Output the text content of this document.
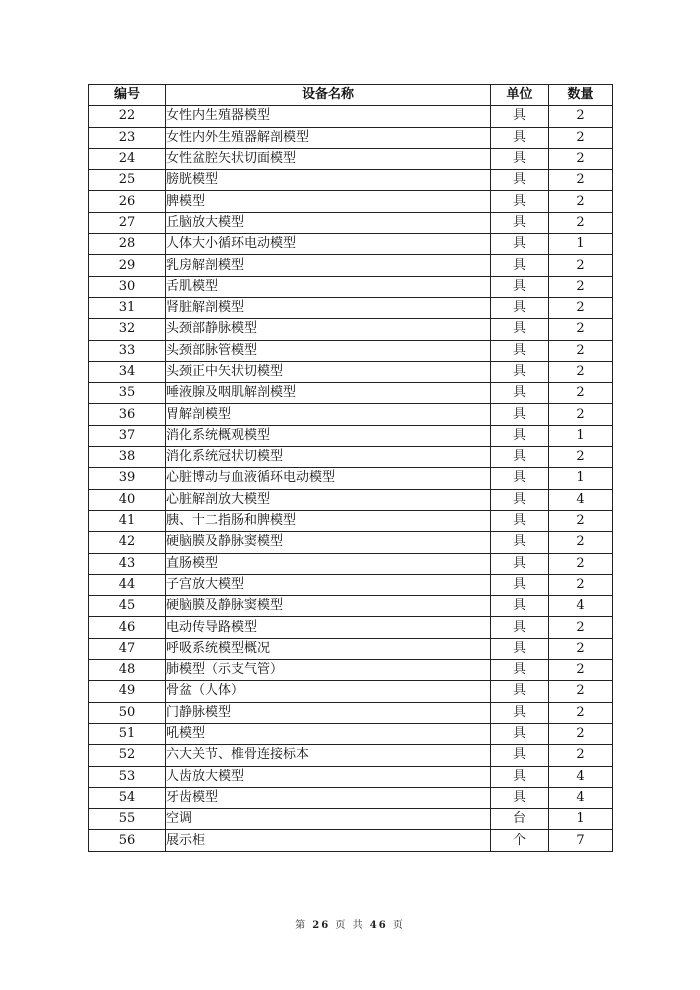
编号	设备名称	单位	数量
22	女性内生殖器模型	具	2
23	女性内外生殖器解剖模型	具	2
24	女性盆腔矢状切面模型	具	2
25	膀胱模型	具	2
26	脾模型	具	2
27	丘脑放大模型	具	2
28	人体大小循环电动模型	具	1
29	乳房解剖模型	具	2
30	舌肌模型	具	2
31	肾脏解剖模型	具	2
32	头颈部静脉模型	具	2
33	头颈部脉管模型	具	2
34	头颈正中矢状切模型	具	2
35	唾液腺及咽肌解剖模型	具	2
36	胃解剖模型	具	2
37	消化系统概观模型	具	1
38	消化系统冠状切模型	具	2
39	心脏博动与血液循环电动模型	具	1
40	心脏解剖放大模型	具	4
41	胰、十二指肠和脾模型	具	2
42	硬脑膜及静脉窦模型	具	2
43	直肠模型	具	2
44	子宫放大模型	具	2
45	硬脑膜及静脉窦模型	具	4
46	电动传导路模型	具	2
47	呼吸系统模型概况	具	2
48	肺模型（示支气管）	具	2
49	骨盆（人体）	具	2
50	门静脉模型	具	2
51	吼模型	具	2
52	六大关节、椎骨连接标本	具	2
53	人齿放大模型	具	4
54	牙齿模型	具	4
55	空调	台	1
56	展示柜	个	7
第 26 页 共 46 页
